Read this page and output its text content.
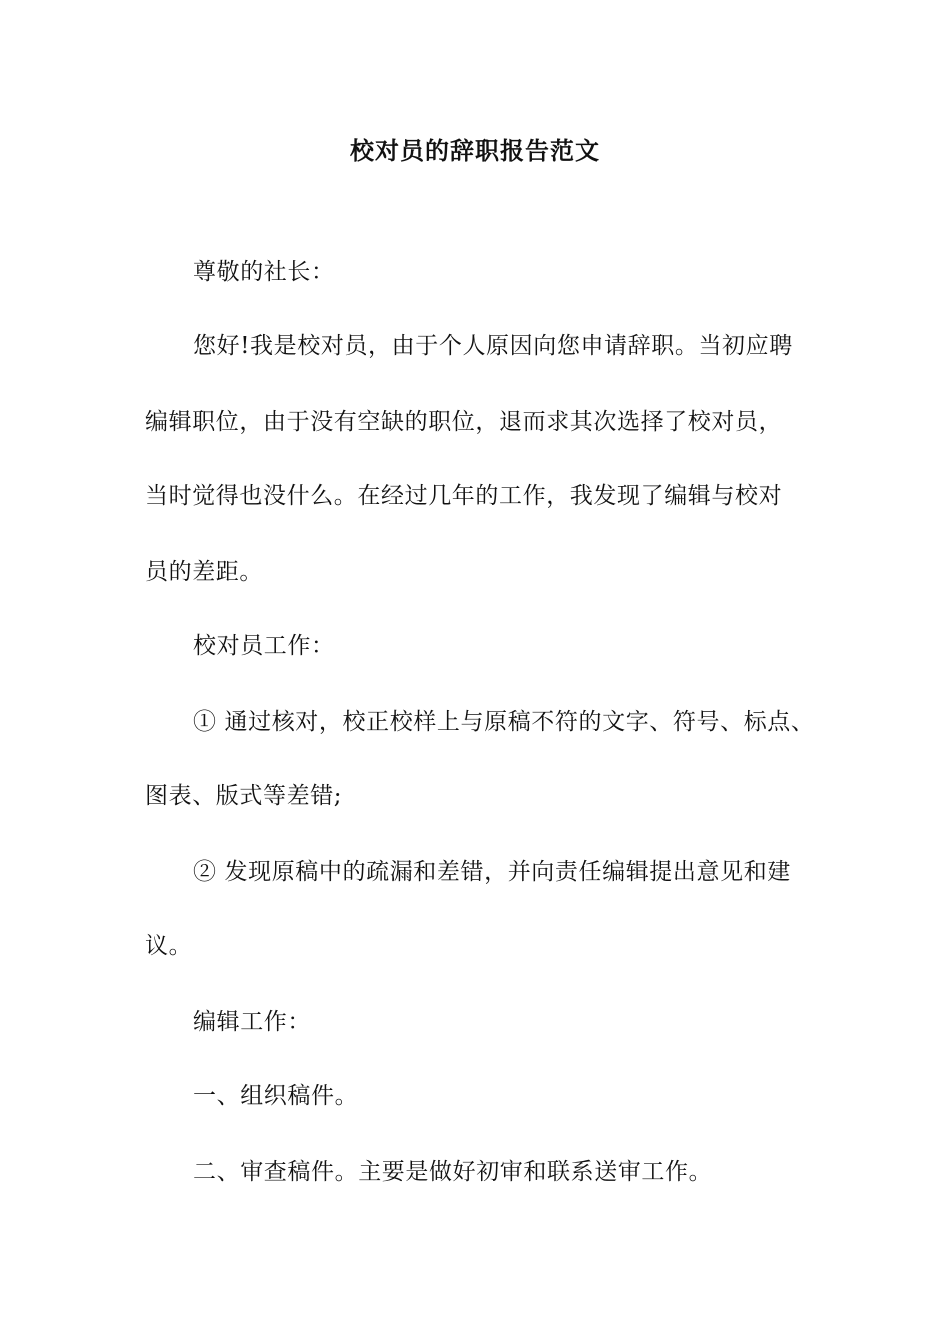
校对员的辞职报告范文
尊敬的社长：
您好!我是校对员，由于个人原因向您申请辞职。当初应聘
编辑职位，由于没有空缺的职位，退而求其次选择了校对员，
当时觉得也没什么。在经过几年的工作，我发现了编辑与校对
员的差距。
校对员工作：
① 通过核对，校正校样上与原稿不符的文字、符号、标点、
图表、版式等差错;
② 发现原稿中的疏漏和差错，并向责任编辑提出意见和建
议。
编辑工作：
一、组织稿件。
二、审查稿件。主要是做好初审和联系送审工作。
